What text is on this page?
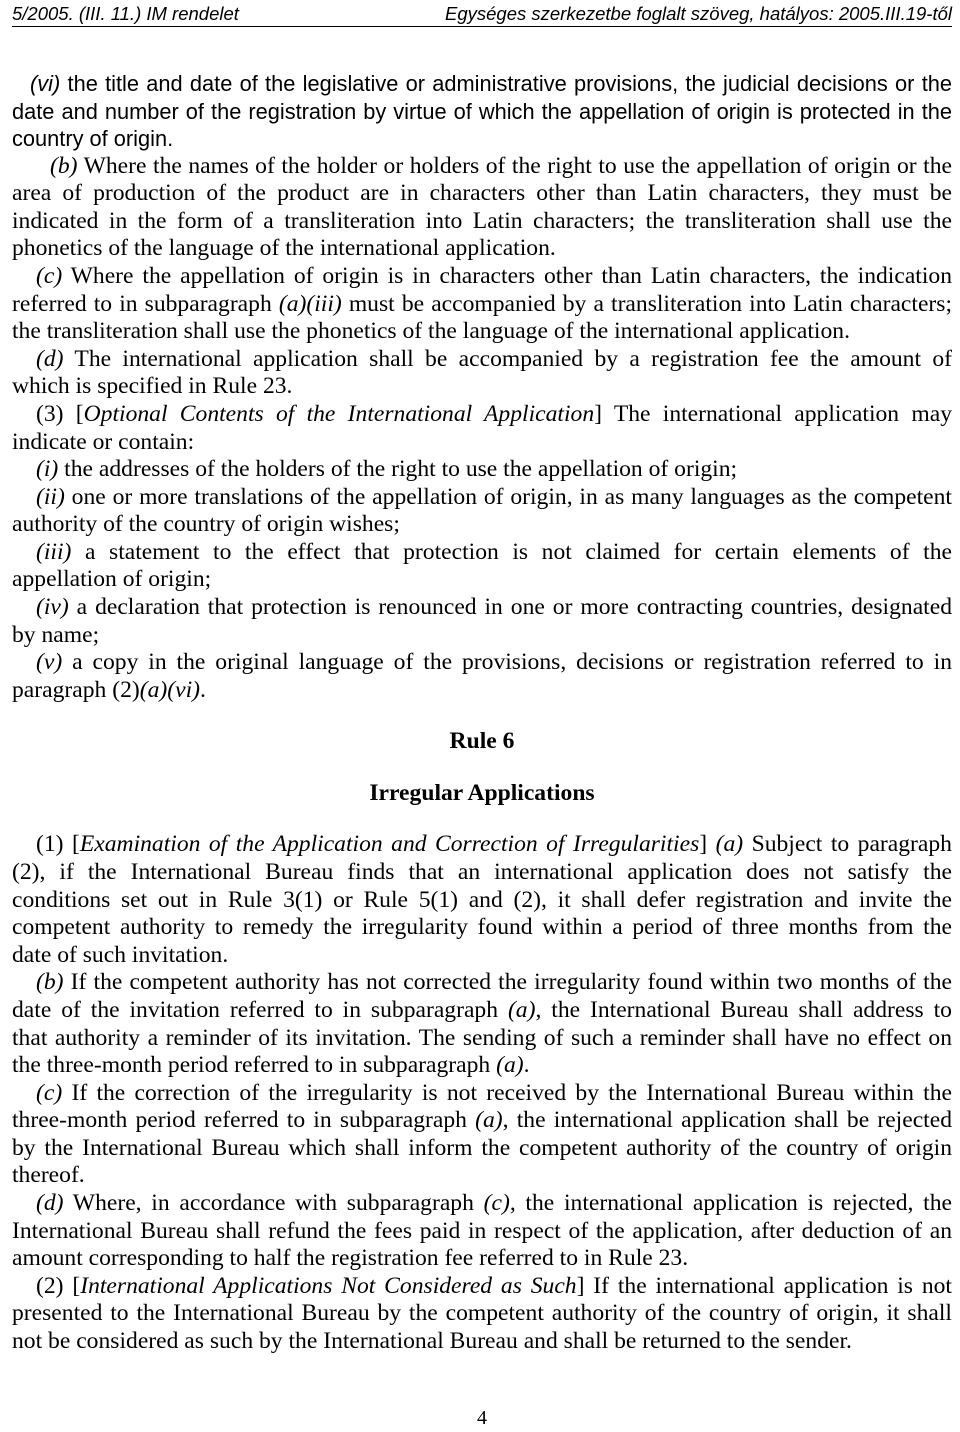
5/2005. (III. 11.) IM rendelet	Egységes szerkezetbe foglalt szöveg, hatályos: 2005.III.19-től
(vi) the title and date of the legislative or administrative provisions, the judicial decisions or the
date and number of the registration by virtue of which the appellation of origin is protected in the
country of origin.
(b) Where the names of the holder or holders of the right to use the appellation of origin or the
area of production of the product are in characters other than Latin characters, they must be
indicated in the form of a transliteration into Latin characters; the transliteration shall use the
phonetics of the language of the international application.
(c) Where the appellation of origin is in characters other than Latin characters, the indication
referred to in subparagraph (a)(iii) must be accompanied by a transliteration into Latin characters;
the transliteration shall use the phonetics of the language of the international application.
(d) The international application shall be accompanied by a registration fee the amount of
which is specified in Rule 23.
(3) [Optional Contents of the International Application] The international application may
indicate or contain:
(i) the addresses of the holders of the right to use the appellation of origin;
(ii) one or more translations of the appellation of origin, in as many languages as the competent
authority of the country of origin wishes;
(iii) a statement to the effect that protection is not claimed for certain elements of the
appellation of origin;
(iv) a declaration that protection is renounced in one or more contracting countries, designated
by name;
(v) a copy in the original language of the provisions, decisions or registration referred to in
paragraph (2)(a)(vi).
Rule 6
Irregular Applications
(1) [Examination of the Application and Correction of Irregularities] (a) Subject to paragraph
(2), if the International Bureau finds that an international application does not satisfy the
conditions set out in Rule 3(1) or Rule 5(1) and (2), it shall defer registration and invite the
competent authority to remedy the irregularity found within a period of three months from the
date of such invitation.
(b) If the competent authority has not corrected the irregularity found within two months of the
date of the invitation referred to in subparagraph (a), the International Bureau shall address to
that authority a reminder of its invitation. The sending of such a reminder shall have no effect on
the three-month period referred to in subparagraph (a).
(c) If the correction of the irregularity is not received by the International Bureau within the
three-month period referred to in subparagraph (a), the international application shall be rejected
by the International Bureau which shall inform the competent authority of the country of origin
thereof.
(d) Where, in accordance with subparagraph (c), the international application is rejected, the
International Bureau shall refund the fees paid in respect of the application, after deduction of an
amount corresponding to half the registration fee referred to in Rule 23.
(2) [International Applications Not Considered as Such] If the international application is not
presented to the International Bureau by the competent authority of the country of origin, it shall
not be considered as such by the International Bureau and shall be returned to the sender.
4
